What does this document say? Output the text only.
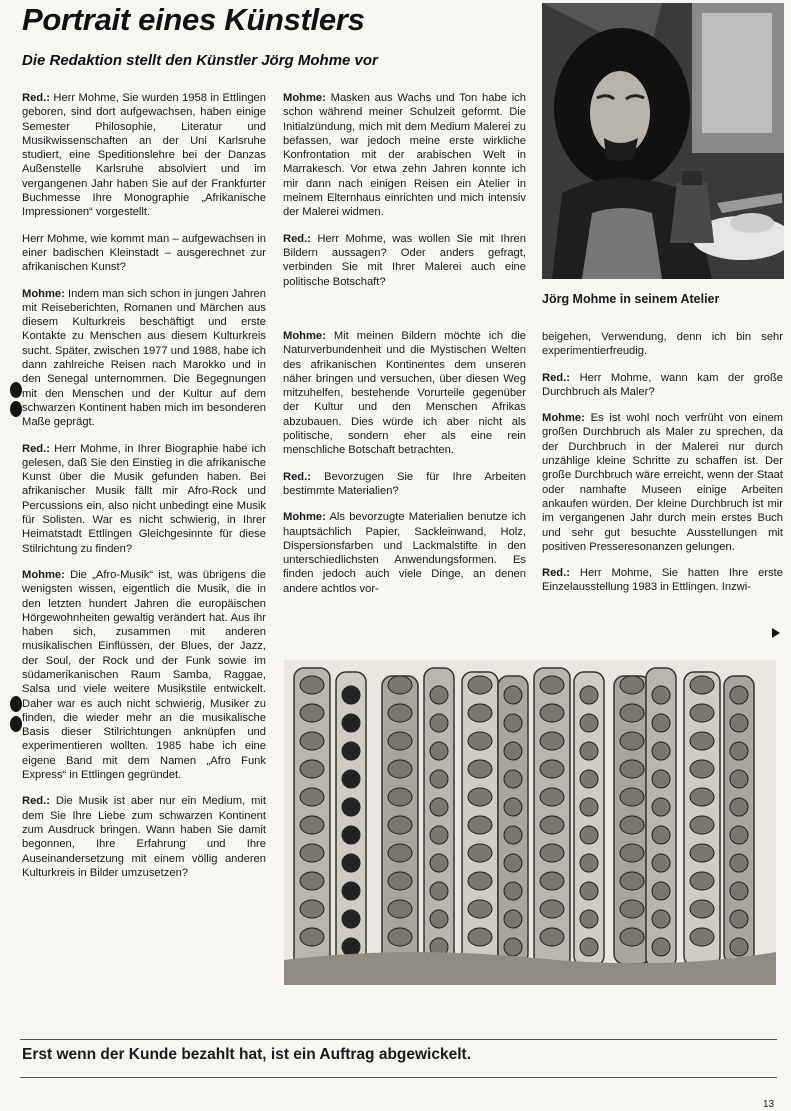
Portrait eines Künstlers
Die Redaktion stellt den Künstler Jörg Mohme vor

Jörg Mohme in seinem Atelier

Red.: Herr Mohme, Sie wurden 1958 in Ettlingen geboren, sind dort aufgewachsen, haben einige Semester Philosophie, Literatur und Musikwissenschaften an der Uni Karlsruhe studiert, eine Speditionslehre bei der Danzas Außenstelle Karlsruhe absolviert und im vergangenen Jahr haben Sie auf der Frankfurter Buchmesse Ihre Monographie „Afrikanische Impressionen“ vorgestellt.

Herr Mohme, wie kommt man – aufgewachsen in einer badischen Kleinstadt – ausgerechnet zur afrikanischen Kunst?

Mohme: Indem man sich schon in jungen Jahren mit Reiseberichten, Romanen und Märchen aus diesem Kulturkreis beschäftigt und erste Kontakte zu Menschen aus diesem Kulturkreis sucht. Später, zwischen 1977 und 1988, habe ich dann zahlreiche Reisen nach Marokko und in den Senegal unternommen. Die Begegnungen mit den Menschen und der Kultur auf dem schwarzen Kontinent haben mich im besonderen Maße geprägt.

Red.: Herr Mohme, in Ihrer Biographie habe ich gelesen, daß Sie den Einstieg in die afrikanische Kunst über die Musik gefunden haben. Bei afrikanischer Musik fällt mir Afro-Rock und Percussions ein, also nicht unbedingt eine Musik für Solisten. War es nicht schwierig, in Ihrer Heimatstadt Ettlingen Gleichgesinnte für diese Stilrichtung zu finden?

Mohme: Die „Afro-Musik“ ist, was übrigens die wenigsten wissen, eigentlich die Musik, die in den letzten hundert Jahren die europäischen Hörgewohnheiten gewaltig verändert hat. Aus ihr haben sich, zusammen mit anderen musikalischen Einflüssen, der Blues, der Jazz, der Soul, der Rock und der Funk sowie im südamerikanischen Raum Samba, Raggae, Salsa und viele weitere Musikstile entwickelt. Daher war es auch nicht schwierig, Musiker zu finden, die wieder mehr an die musikalische Basis dieser Stilrichtungen anknüpfen und experimentieren wollten. 1985 habe ich eine eigene Band mit dem Namen „Afro Funk Express“ in Ettlingen gegründet.

Red.: Die Musik ist aber nur ein Medium, mit dem Sie Ihre Liebe zum schwarzen Kontinent zum Ausdruck bringen. Wann haben Sie damit begonnen, Ihre Erfahrung und Ihre Auseinandersetzung mit einem völlig anderen Kulturkreis in Bilder umzusetzen?

Mohme: Masken aus Wachs und Ton habe ich schon während meiner Schulzeit geformt. Die Initialzündung, mich mit dem Medium Malerei zu befassen, war jedoch meine erste wirkliche Konfrontation mit der arabischen Welt in Marrakesch. Vor etwa zehn Jahren konnte ich mir dann nach einigen Reisen ein Atelier in meinem Elternhaus einrichten und mich intensiv der Malerei widmen.

Red.: Herr Mohme, was wollen Sie mit Ihren Bildern aussagen? Oder anders gefragt, verbinden Sie mit Ihrer Malerei auch eine politische Botschaft?

Mohme: Mit meinen Bildern möchte ich die Naturverbundenheit und die Mystischen Welten des afrikanischen Kontinentes dem unseren näher bringen und versuchen, über diesen Weg mitzuhelfen, bestehende Vorurteile gegenüber der Kultur und den Menschen Afrikas abzubauen. Dies würde ich aber nicht als politische, sondern eher als eine rein menschliche Botschaft betrachten.

Red.: Bevorzugen Sie für Ihre Arbeiten bestimmte Materialien?

Mohme: Als bevorzugte Materialien benutze ich hauptsächlich Papier, Sackleinwand, Holz, Dispersionsfarben und Lackmalstifte in den unterschiedlichsten Anwendungsformen. Es finden jedoch auch viele Dinge, an denen andere achtlos vor-

beigehen, Verwendung, denn ich bin sehr experimentierfreudig.

Red.: Herr Mohme, wann kam der große Durchbruch als Maler?

Mohme: Es ist wohl noch verfrüht von einem großen Durchbruch als Maler zu sprechen, da der Durchbruch in der Malerei nur durch unzählige kleine Schritte zu schaffen ist. Der große Durchbruch wäre erreicht, wenn der Staat oder namhafte Museen einige Arbeiten ankaufen würden. Der kleine Durchbruch ist mir im vergangenen Jahr durch mein erstes Buch und sehr gut besuchte Ausstellungen mit positiven Presseresonanzen gelungen.

Red.: Herr Mohme, Sie hatten Ihre erste Einzelausstellung 1983 in Ettlingen. Inzwi-

Erst wenn der Kunde bezahlt hat, ist ein Auftrag abgewickelt.

13
